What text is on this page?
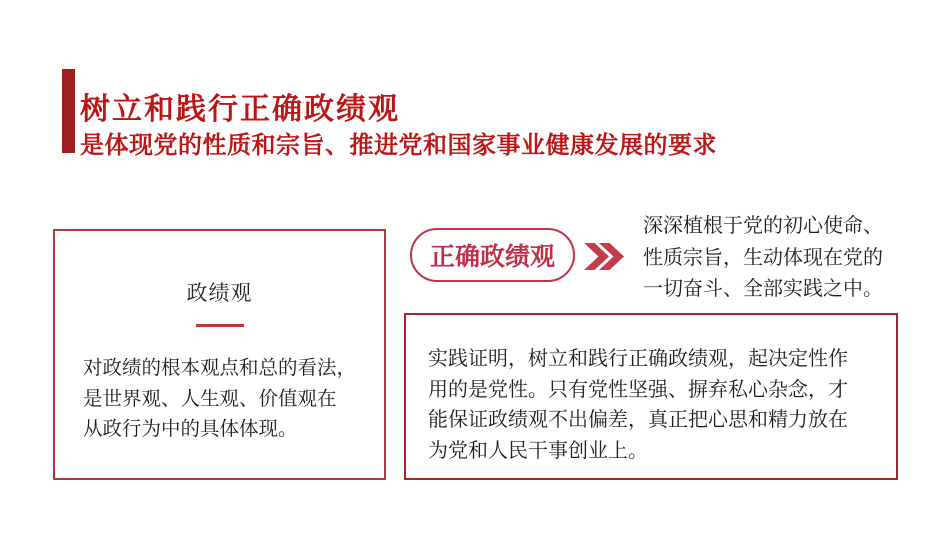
树立和践行正确政绩观
是体现党的性质和宗旨、推进党和国家事业健康发展的要求
政绩观
对政绩的根本观点和总的看法，
是世界观、人生观、价值观在
从政行为中的具体体现。
正确政绩观
深深植根于党的初心使命、
性质宗旨，生动体现在党的
一切奋斗、全部实践之中。
实践证明，树立和践行正确政绩观，起决定性作
用的是党性。只有党性坚强、摒弃私心杂念，才
能保证政绩观不出偏差，真正把心思和精力放在
为党和人民干事创业上。
